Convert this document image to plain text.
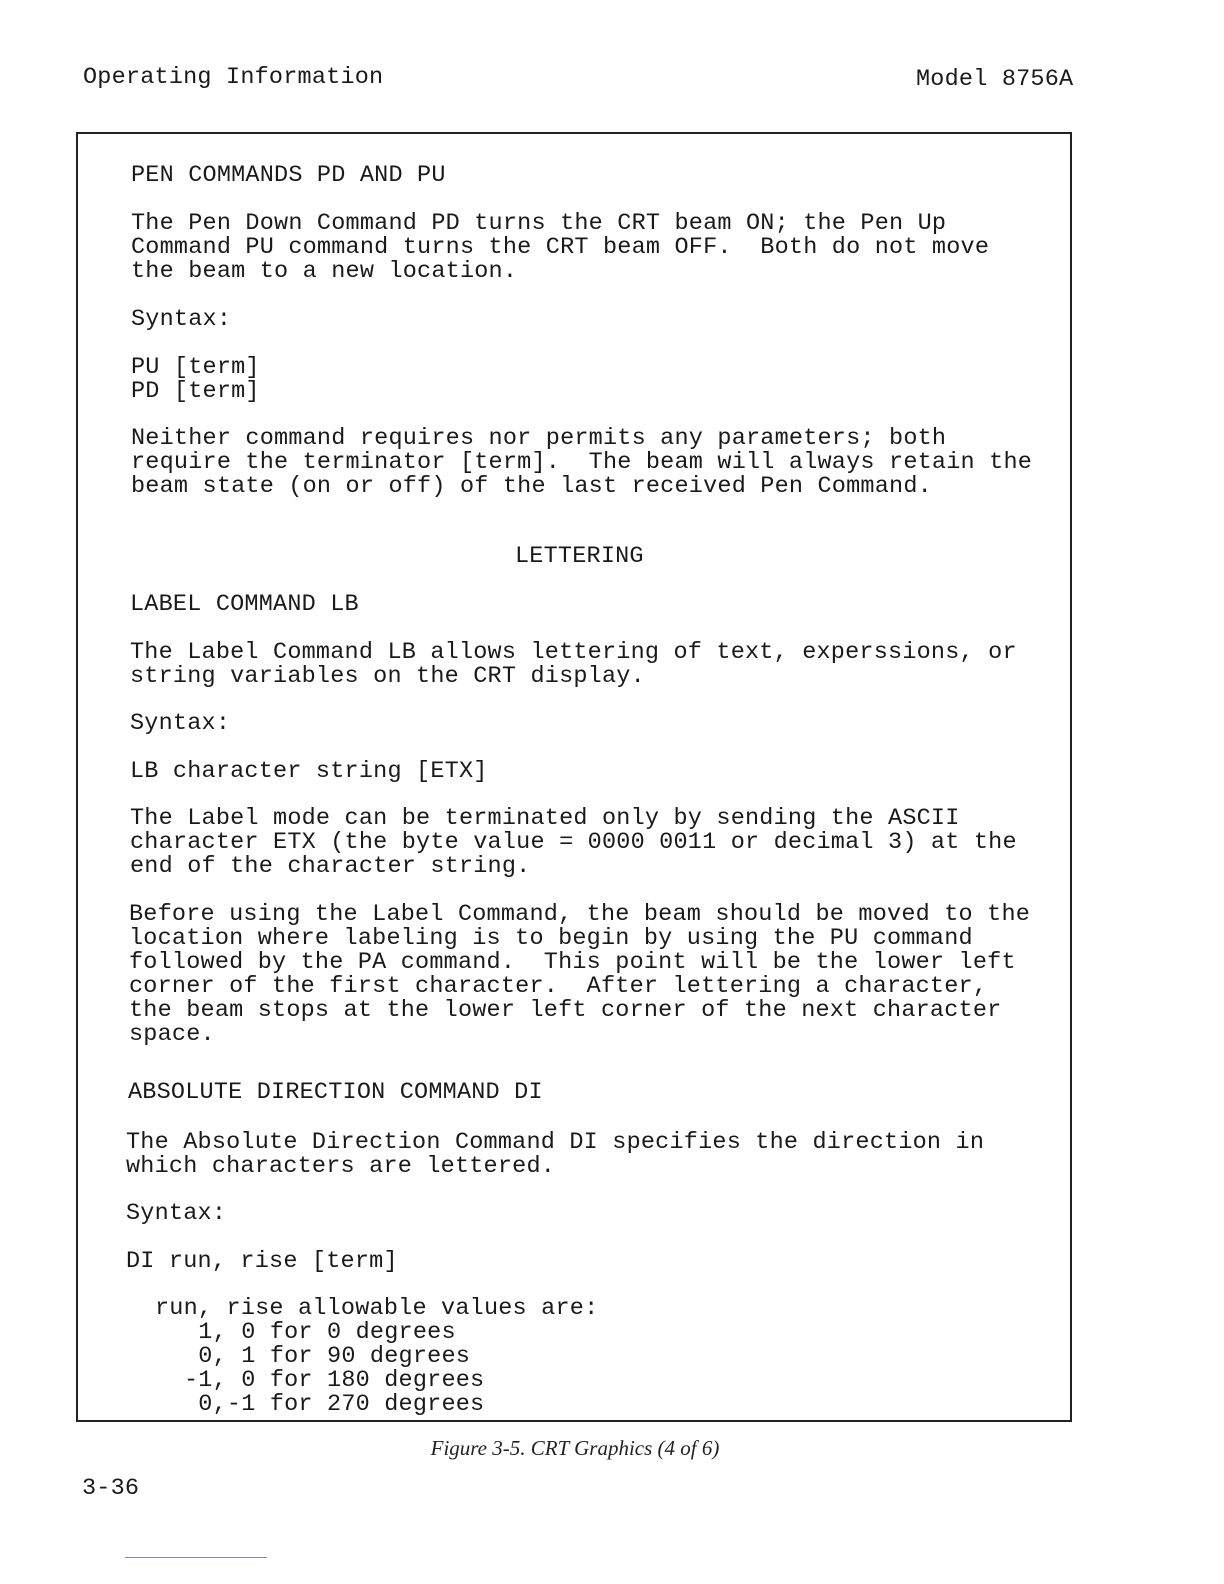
Operating Information	Model 8756A
PEN COMMANDS PD AND PU
The Pen Down Command PD turns the CRT beam ON; the Pen Up
Command PU command turns the CRT beam OFF.  Both do not move
the beam to a new location.
Syntax:
PU [term]
PD [term]
Neither command requires nor permits any parameters; both
require the terminator [term].  The beam will always retain the
beam state (on or off) of the last received Pen Command.
LETTERING
LABEL COMMAND LB
The Label Command LB allows lettering of text, experssions, or
string variables on the CRT display.
Syntax:
LB character string [ETX]
The Label mode can be terminated only by sending the ASCII
character ETX (the byte value = 0000 0011 or decimal 3) at the
end of the character string.
Before using the Label Command, the beam should be moved to the
location where labeling is to begin by using the PU command
followed by the PA command.  This point will be the lower left
corner of the first character.  After lettering a character,
the beam stops at the lower left corner of the next character
space.
ABSOLUTE DIRECTION COMMAND DI
The Absolute Direction Command DI specifies the direction in
which characters are lettered.
Syntax:
DI run, rise [term]
run, rise allowable values are:
1, 0 for 0 degrees
0, 1 for 90 degrees
-1, 0 for 180 degrees
0,-1 for 270 degrees
Figure 3-5. CRT Graphics (4 of 6)
3-36
